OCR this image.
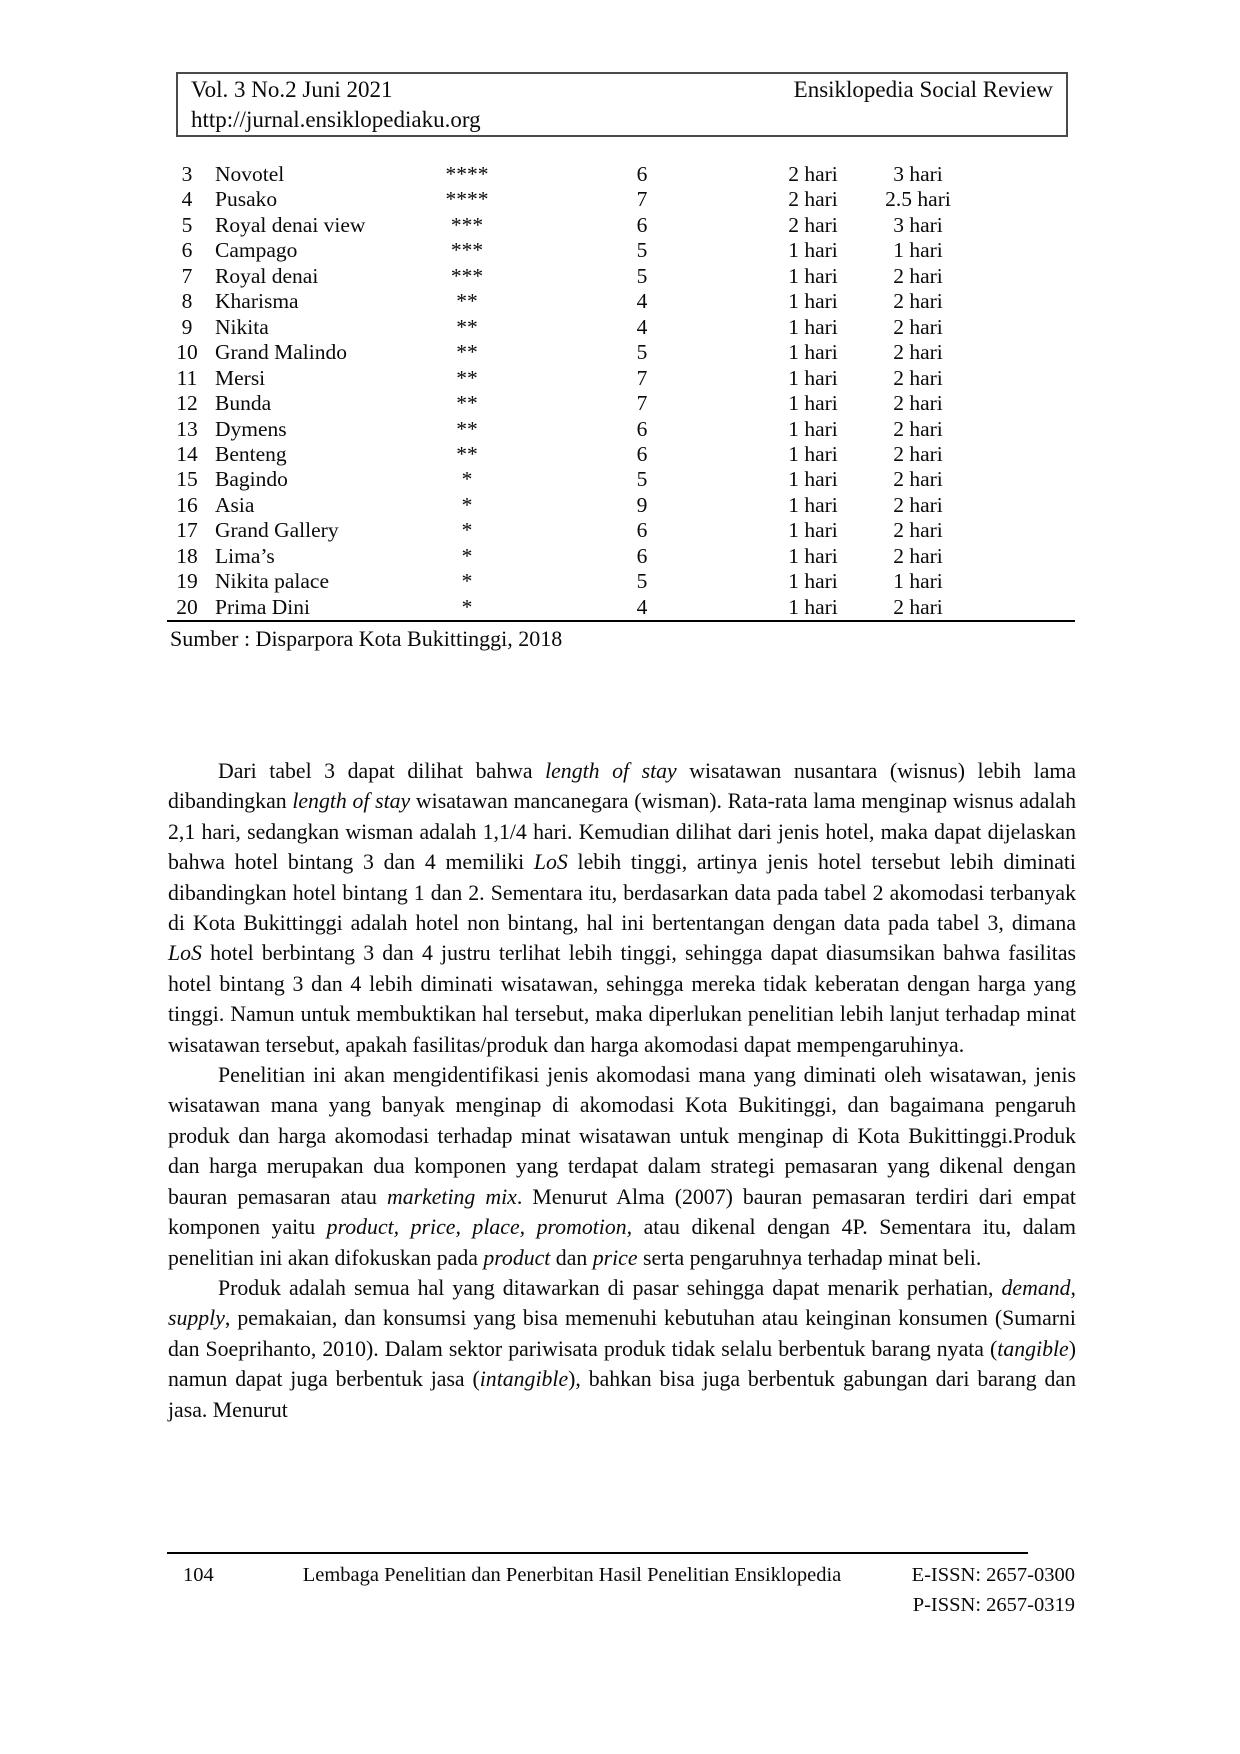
Vol. 3 No.2 Juni 2021	Ensiklopedia Social Review
http://jurnal.ensiklopediaku.org
3	Novotel	****	6	2 hari	3 hari	
4	Pusako	****	7	2 hari	2.5 hari	
5	Royal denai view	***	6	2 hari	3 hari	
6	Campago	***	5	1 hari	1 hari	
7	Royal denai	***	5	1 hari	2 hari	
8	Kharisma	**	4	1 hari	2 hari	
9	Nikita	**	4	1 hari	2 hari	
10	Grand Malindo	**	5	1 hari	2 hari	
11	Mersi	**	7	1 hari	2 hari	
12	Bunda	**	7	1 hari	2 hari	
13	Dymens	**	6	1 hari	2 hari	
14	Benteng	**	6	1 hari	2 hari	
15	Bagindo	*	5	1 hari	2 hari	
16	Asia	*	9	1 hari	2 hari	
17	Grand Gallery	*	6	1 hari	2 hari	
18	Lima’s	*	6	1 hari	2 hari	
19	Nikita palace	*	5	1 hari	1 hari	
20	Prima Dini	*	4	1 hari	2 hari	
Sumber : Disparpora Kota Bukittinggi, 2018

Dari tabel 3 dapat dilihat bahwa length of stay wisatawan nusantara (wisnus) lebih lama dibandingkan length of stay wisatawan mancanegara (wisman). Rata-rata lama menginap wisnus adalah 2,1 hari, sedangkan wisman adalah 1,1/4 hari. Kemudian dilihat dari jenis hotel, maka dapat dijelaskan bahwa hotel bintang 3 dan 4 memiliki LoS lebih tinggi, artinya jenis hotel tersebut lebih diminati dibandingkan hotel bintang 1 dan 2. Sementara itu, berdasarkan data pada tabel 2 akomodasi terbanyak di Kota Bukittinggi adalah hotel non bintang, hal ini bertentangan dengan data pada tabel 3, dimana LoS hotel berbintang 3 dan 4 justru terlihat lebih tinggi, sehingga dapat diasumsikan bahwa fasilitas hotel bintang 3 dan 4 lebih diminati wisatawan, sehingga mereka tidak keberatan dengan harga yang tinggi. Namun untuk membuktikan hal tersebut, maka diperlukan penelitian lebih lanjut terhadap minat wisatawan tersebut, apakah fasilitas/produk dan harga akomodasi dapat mempengaruhinya.

Penelitian ini akan mengidentifikasi jenis akomodasi mana yang diminati oleh wisatawan, jenis wisatawan mana yang banyak menginap di akomodasi Kota Bukitinggi, dan bagaimana pengaruh produk dan harga akomodasi terhadap minat wisatawan untuk menginap di Kota Bukittinggi.Produk dan harga merupakan dua komponen yang terdapat dalam strategi pemasaran yang dikenal dengan bauran pemasaran atau marketing mix. Menurut Alma (2007) bauran pemasaran terdiri dari empat komponen yaitu product, price, place, promotion, atau dikenal dengan 4P. Sementara itu, dalam penelitian ini akan difokuskan pada product dan price serta pengaruhnya terhadap minat beli.

Produk adalah semua hal yang ditawarkan di pasar sehingga dapat menarik perhatian, demand, supply, pemakaian, dan konsumsi yang bisa memenuhi kebutuhan atau keinginan konsumen (Sumarni dan Soeprihanto, 2010). Dalam sektor pariwisata produk tidak selalu berbentuk barang nyata (tangible) namun dapat juga berbentuk jasa (intangible), bahkan bisa juga berbentuk gabungan dari barang dan jasa. Menurut

104	Lembaga Penelitian dan Penerbitan Hasil Penelitian Ensiklopedia	E-ISSN: 2657-0300
P-ISSN: 2657-0319
